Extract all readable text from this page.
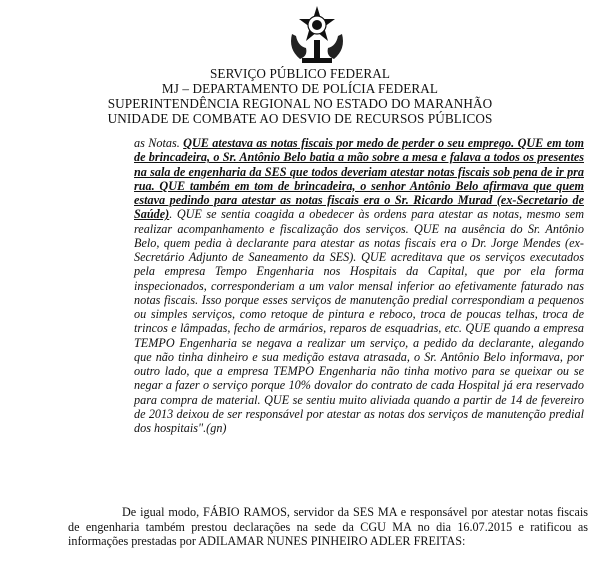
SERVIÇO PÚBLICO FEDERAL
MJ – DEPARTAMENTO DE POLÍCIA FEDERAL
SUPERINTENDÊNCIA REGIONAL NO ESTADO DO MARANHÃO
UNIDADE DE COMBATE AO DESVIO DE RECURSOS PÚBLICOS
as Notas. QUE atestava as notas fiscais por medo de perder o seu emprego. QUE em tom de brincadeira, o Sr. Antônio Belo batia a mão sobre a mesa e falava a todos os presentes na sala de engenharia da SES que todos deveriam atestar notas fiscais sob pena de ir pra rua. QUE também em tom de brincadeira, o senhor Antônio Belo afirmava que quem estava pedindo para atestar as notas fiscais era o Sr. Ricardo Murad (ex-Secretario de Saúde). QUE se sentia coagida a obedecer às ordens para atestar as notas, mesmo sem realizar acompanhamento e fiscalização dos serviços. QUE na ausência do Sr. Antônio Belo, quem pedia à declarante para atestar as notas fiscais era o Dr. Jorge Mendes (ex-Secretário Adjunto de Saneamento da SES). QUE acreditava que os serviços executados pela empresa Tempo Engenharia nos Hospitais da Capital, que por ela forma inspecionados, corresponderiam a um valor mensal inferior ao efetivamente faturado nas notas fiscais. Isso porque esses serviços de manutenção predial correspondiam a pequenos ou simples serviços, como retoque de pintura e reboco, troca de poucas telhas, troca de trincos e lâmpadas, fecho de armários, reparos de esquadrias, etc. QUE quando a empresa TEMPO Engenharia se negava a realizar um serviço, a pedido da declarante, alegando que não tinha dinheiro e sua medição estava atrasada, o Sr. Antônio Belo informava, por outro lado, que a empresa TEMPO Engenharia não tinha motivo para se queixar ou se negar a fazer o serviço porque 10% dovalor do contrato de cada Hospital já era reservado para compra de material. QUE se sentiu muito aliviada quando a partir de 14 de fevereiro de 2013 deixou de ser responsável por atestar as notas dos serviços de manutenção predial dos hospitais".(gn)
De igual modo, FÁBIO RAMOS, servidor da SES MA e responsável por atestar notas fiscais de engenharia também prestou declarações na sede da CGU MA no dia 16.07.2015 e ratificou as informações prestadas por ADILAMAR NUNES PINHEIRO ADLER FREITAS:
